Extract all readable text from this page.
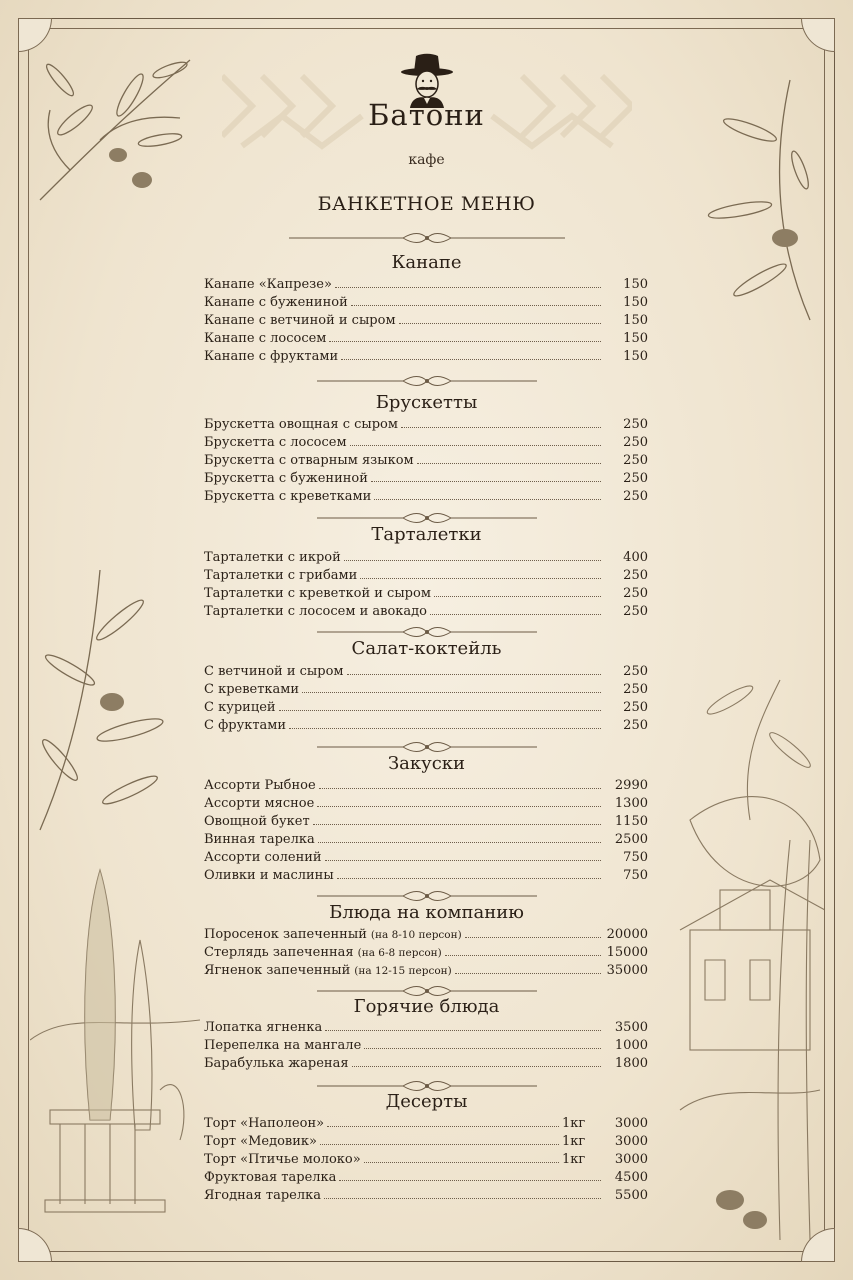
Батони
кафе
БАНКЕТНОЕ МЕНЮ
Канапе
Канапе «Капрезе»	150
Канапе с бужениной	150
Канапе с ветчиной и сыром	150
Канапе с лососем	150
Канапе с фруктами	150
Брускетты
Брускетта овощная с сыром	250
Брускетта с лососем	250
Брускетта с отварным языком	250
Брускетта с бужениной	250
Брускетта с креветками	250
Тарталетки
Тарталетки с икрой	400
Тарталетки с грибами	250
Тарталетки с креветкой и сыром	250
Тарталетки с лососем и авокадо	250
Салат-коктейль
С ветчиной и сыром	250
С креветками	250
С курицей	250
С фруктами	250
Закуски
Ассорти Рыбное	2990
Ассорти мясное	1300
Овощной букет	1150
Винная тарелка	2500
Ассорти солений	750
Оливки и маслины	750
Блюда на компанию
Поросенок запеченный (на 8-10 персон)	20000
Стерлядь запеченная (на 6-8 персон)	15000
Ягненок запеченный (на 12-15 персон)	35000
Горячие блюда
Лопатка ягненка	3500
Перепелка на мангале	1000
Барабулька жареная	1800
Десерты
Торт «Наполеон»	1кг	3000
Торт «Медовик»	1кг	3000
Торт «Птичье молоко»	1кг	3000
Фруктовая тарелка	4500
Ягодная тарелка	5500
